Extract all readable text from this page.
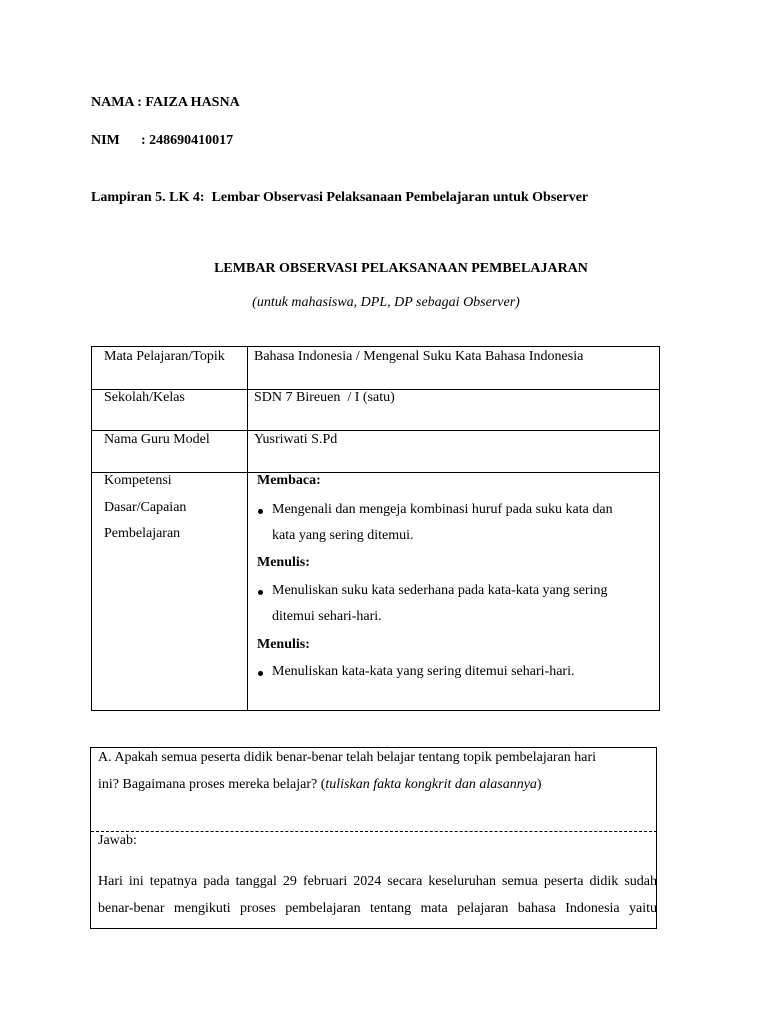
NAMA : FAIZA HASNA
NIM : 248690410017
Lampiran 5. LK 4:  Lembar Observasi Pelaksanaan Pembelajaran untuk Observer
LEMBAR OBSERVASI PELAKSANAAN PEMBELAJARAN
(untuk mahasiswa, DPL, DP sebagai Observer)
Mata Pelajaran/Topik Bahasa Indonesia / Mengenal Suku Kata Bahasa Indonesia
Sekolah/Kelas	SDN 7 Bireuen  / I (satu)
Nama Guru Model	Yusriwati S.Pd
Kompetensi
Dasar/Capaian
Pembelajaran
Membaca:
Mengenali dan mengeja kombinasi huruf pada suku kata dan
kata yang sering ditemui.
Menulis:
Menuliskan suku kata sederhana pada kata-kata yang sering
ditemui sehari-hari.
Menulis:
Menuliskan kata-kata yang sering ditemui sehari-hari.
A. Apakah semua peserta didik benar-benar telah belajar tentang topik pembelajaran hari
ini? Bagaimana proses mereka belajar? (tuliskan fakta kongkrit dan alasannya)
Jawab:
Hari ini tepatnya pada tanggal 29 februari 2024 secara keseluruhan semua peserta didik sudah
benar-benar mengikuti proses pembelajaran tentang mata pelajaran bahasa Indonesia yaitu
